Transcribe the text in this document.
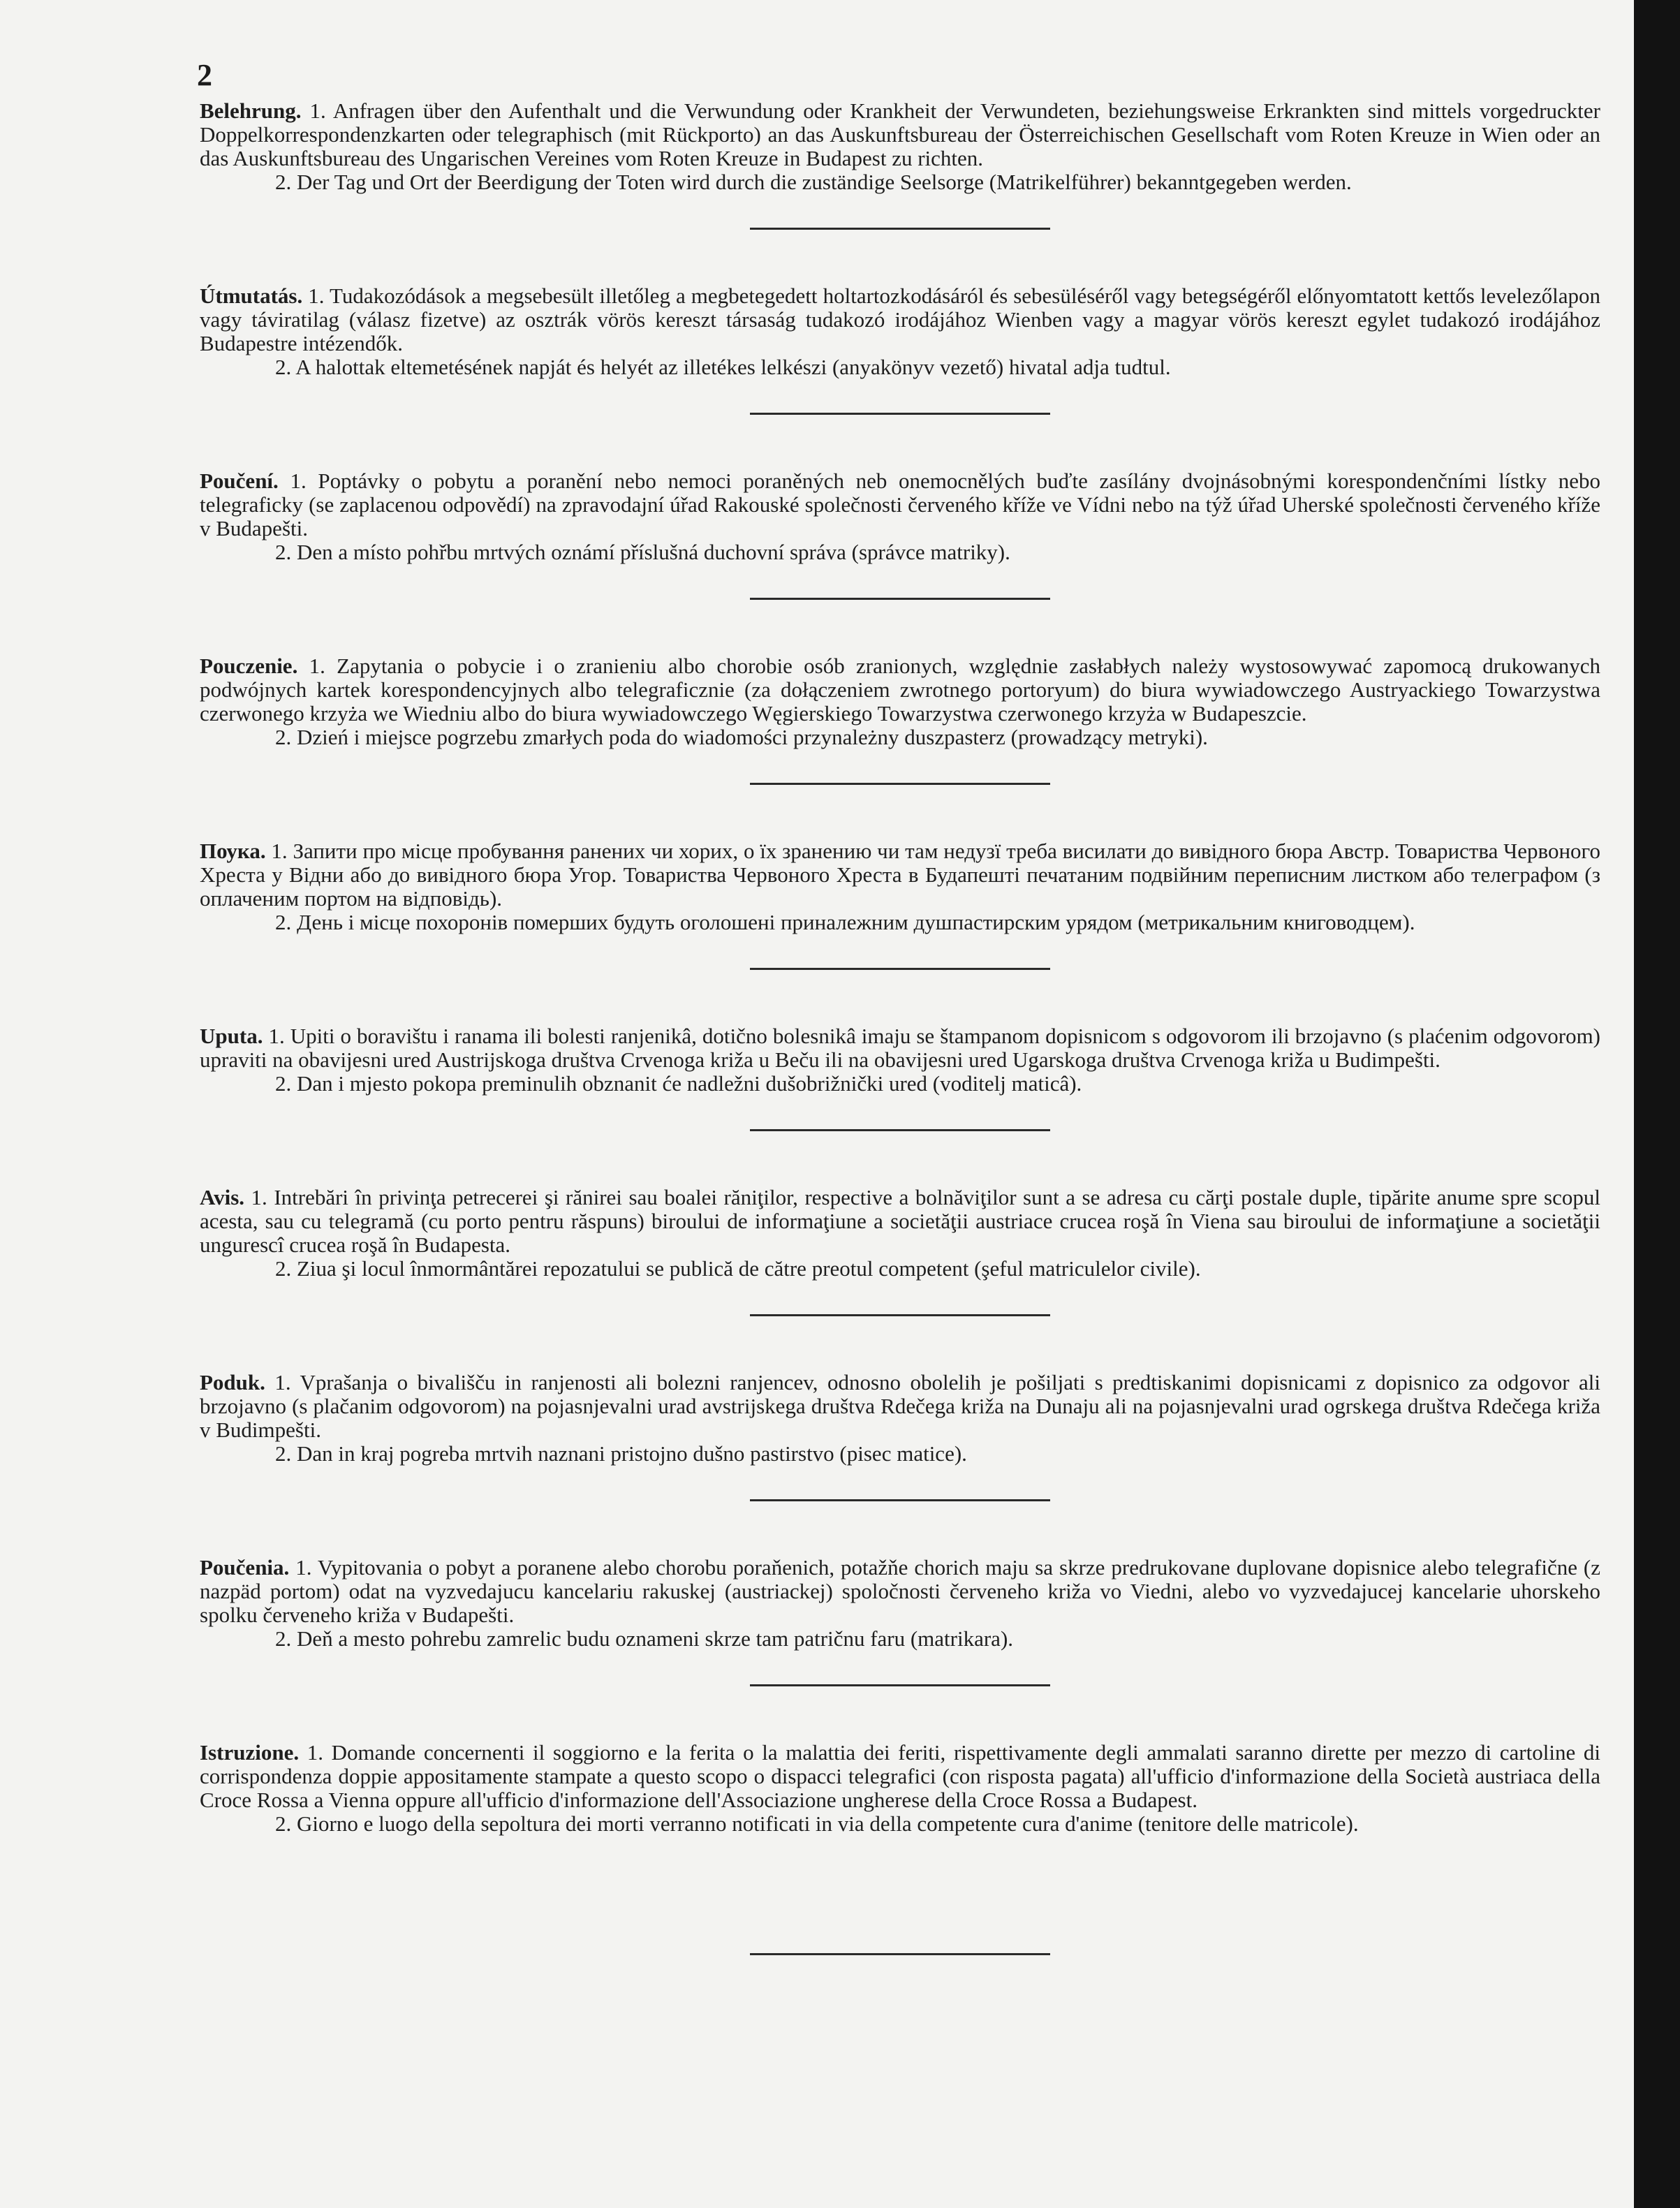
2

Belehrung. 1. Anfragen über den Aufenthalt und die Verwundung oder Krankheit der Verwundeten, beziehungsweise Erkrankten sind mittels vorgedruckter Doppelkorrespondenzkarten oder telegraphisch (mit Rückporto) an das Auskunftsbureau der Österreichischen Gesellschaft vom Roten Kreuze in Wien oder an das Auskunftsbureau des Ungarischen Vereines vom Roten Kreuze in Budapest zu richten.

2. Der Tag und Ort der Beerdigung der Toten wird durch die zuständige Seelsorge (Matrikelführer) bekanntgegeben werden.

Útmutatás. 1. Tudakozódások a megsebesült illetőleg a megbetegedett holtartozkodásáról és sebesüléséről vagy betegségéről előnyomtatott kettős levelezőlapon vagy táviratilag (válasz fizetve) az osztrák vörös kereszt társaság tudakozó irodájához Wienben vagy a magyar vörös kereszt egylet tudakozó irodájához Budapestre intézendők.

2. A halottak eltemetésének napját és helyét az illetékes lelkészi (anyakönyv vezető) hivatal adja tudtul.

Poučení. 1. Poptávky o pobytu a poranění nebo nemoci poraněných neb onemocnělých buďte zasílány dvojnásobnými korespondenčními lístky nebo telegraficky (se zaplacenou odpovědí) na zpravodajní úřad Rakouské společnosti červeného kříže ve Vídni nebo na týž úřad Uherské společnosti červeného kříže v Budapešti.

2. Den a místo pohřbu mrtvých oznámí příslušná duchovní správa (správce matriky).

Pouczenie. 1. Zapytania o pobycie i o zranieniu albo chorobie osób zranionych, względnie zasłabłych należy wystosowywać zapomocą drukowanych podwójnych kartek korespondencyjnych albo telegraficznie (za dołączeniem zwrotnego portoryum) do biura wywiadowczego Austryackiego Towarzystwa czerwonego krzyża we Wiedniu albo do biura wywiadowczego Węgierskiego Towarzystwa czerwonego krzyża w Budapeszcie.

2. Dzień i miejsce pogrzebu zmarłych poda do wiadomości przynależny duszpasterz (prowadzący metryki).

Поука. 1. Запити про місце пробування ранених чи хорих, о їх зранению чи там недузї треба висилати до вивідного бюра Австр. Товариства Червоного Хреста у Відни або до вивідного бюра Угор. Товариства Червоного Хреста в Будапешті печатаним подвійним переписним листком або телеграфом (з оплаченим портом на відповідь).

2. День і місце похоронів померших будуть оголошені приналежним душпастирским урядом (метрикальним книговодцем).

Uputa. 1. Upiti o boravištu i ranama ili bolesti ranjenikâ, dotično bolesnikâ imaju se štampanom dopisnicom s odgovorom ili brzojavno (s plaćenim odgovorom) upraviti na obavijesni ured Austrijskoga društva Crvenoga križa u Beču ili na obavijesni ured Ugarskoga društva Crvenoga križa u Budimpešti.

2. Dan i mjesto pokopa preminulih obznanit će nadležni dušobrižnički ured (voditelj maticâ).

Avis. 1. Intrebări în privinţa petrecerei şi rănirei sau boalei răniţilor, respective a bolnăviţilor sunt a se adresa cu cărţi postale duple, tipărite anume spre scopul acesta, sau cu telegramă (cu porto pentru răspuns) biroului de informaţiune a societăţii austriace crucea roşă în Viena sau biroului de informaţiune a societăţii ungurescî crucea roşă în Budapesta.

2. Ziua şi locul înmormântărei repozatului se publică de către preotul competent (şeful matriculelor civile).

Poduk. 1. Vprašanja o bivališču in ranjenosti ali bolezni ranjencev, odnosno obolelih je pošiljati s predtiskanimi dopisnicami z dopisnico za odgovor ali brzojavno (s plačanim odgovorom) na pojasnjevalni urad avstrijskega društva Rdečega križa na Dunaju ali na pojasnjevalni urad ogrskega društva Rdečega križa v Budimpešti.

2. Dan in kraj pogreba mrtvih naznani pristojno dušno pastirstvo (pisec matice).

Poučenia. 1. Vypitovania o pobyt a poranene alebo chorobu poraňenich, potažňe chorich maju sa skrze predrukovane duplovane dopisnice alebo telegrafične (z nazpäd portom) odat na vyzvedajucu kancelariu rakuskej (austriackej) spoločnosti červeneho križa vo Viedni, alebo vo vyzvedajucej kancelarie uhorskeho spolku červeneho križa v Budapešti.

2. Deň a mesto pohrebu zamrelic budu oznameni skrze tam patričnu faru (matrikara).

Istruzione. 1. Domande concernenti il soggiorno e la ferita o la malattia dei feriti, rispettivamente degli ammalati saranno dirette per mezzo di cartoline di corrispondenza doppie appositamente stampate a questo scopo o dispacci telegrafici (con risposta pagata) all'ufficio d'informazione della Società austriaca della Croce Rossa a Vienna oppure all'ufficio d'informazione dell'Associazione ungherese della Croce Rossa a Budapest.

2. Giorno e luogo della sepoltura dei morti verranno notificati in via della competente cura d'anime (tenitore delle matricole).
